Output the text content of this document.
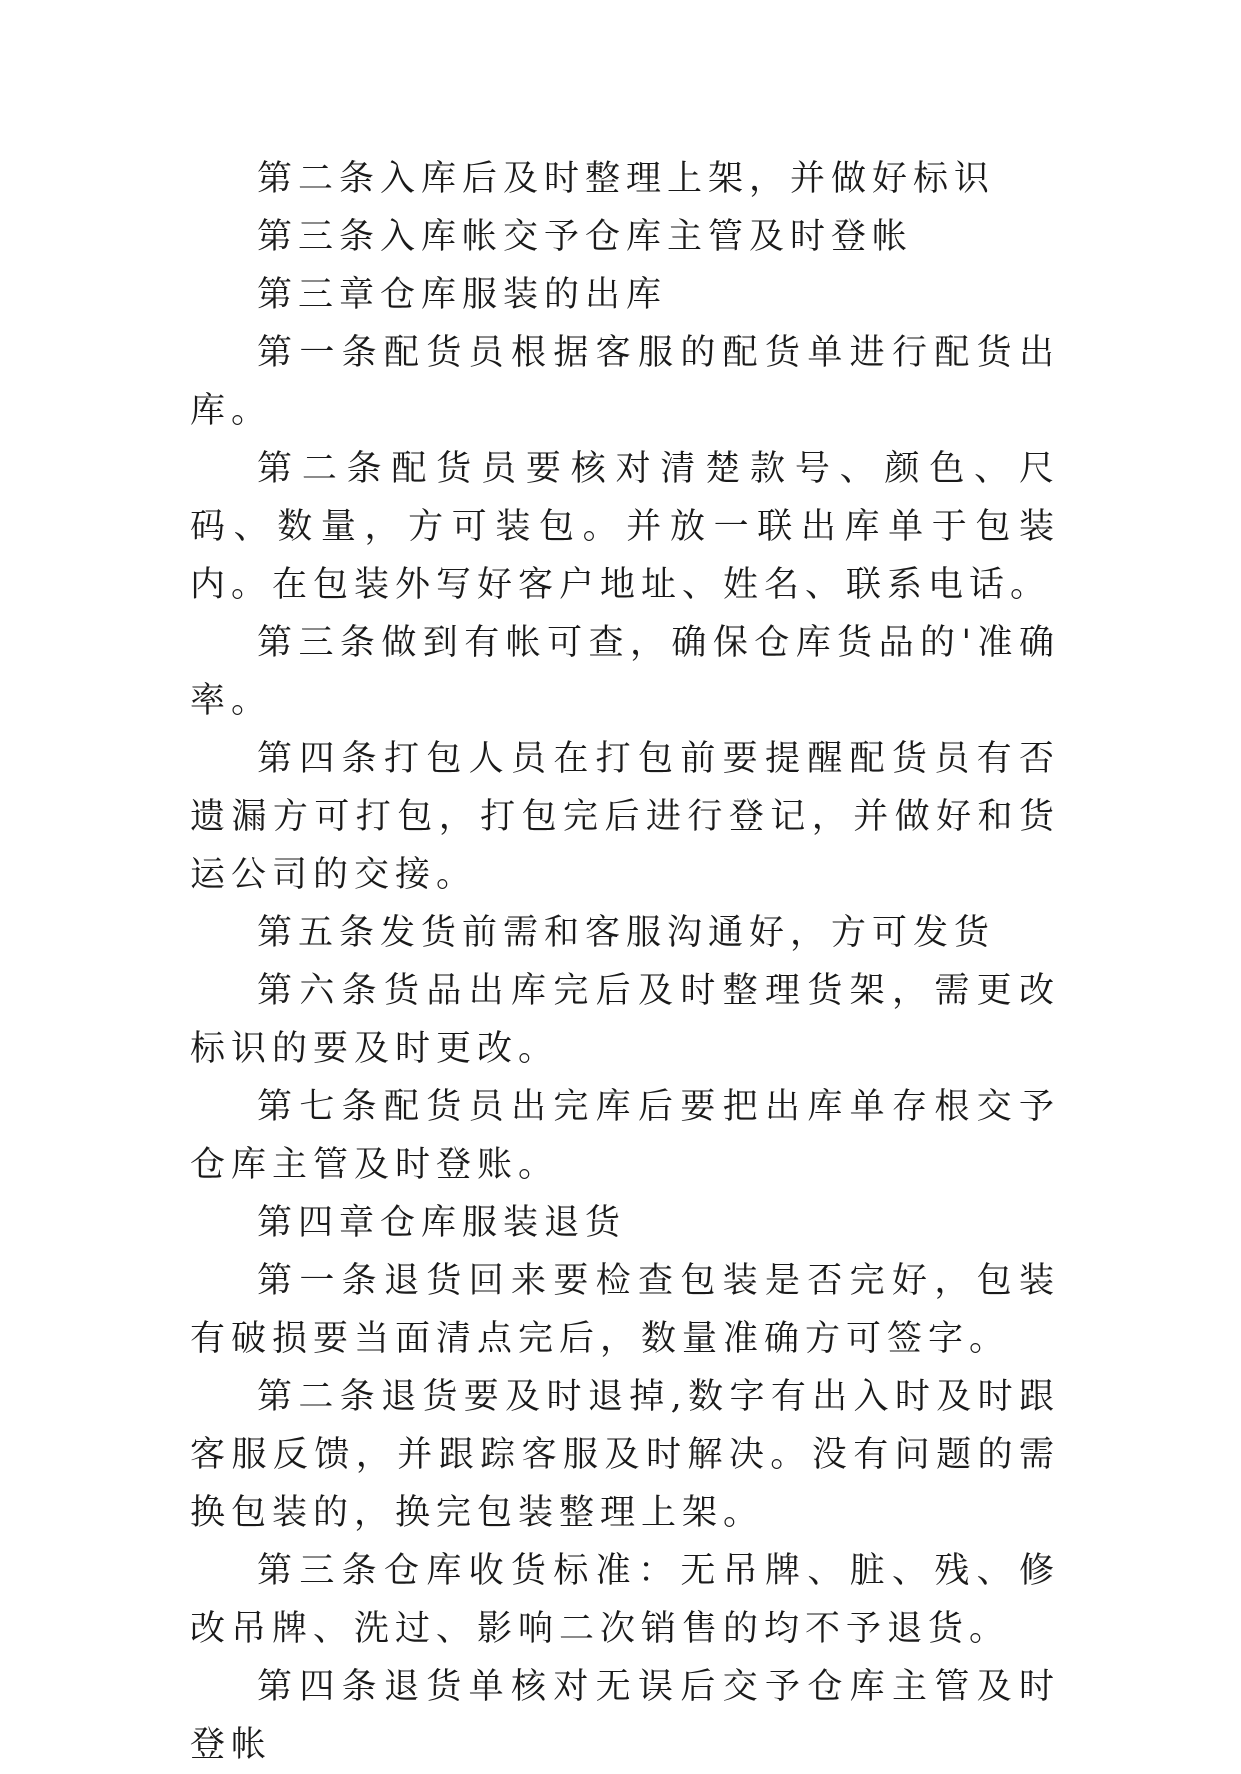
第二条入库后及时整理上架，并做好标识

第三条入库帐交予仓库主管及时登帐

第三章仓库服装的出库

第一条配货员根据客服的配货单进行配货出库。

第二条配货员要核对清楚款号、颜色、尺码、数量，方可装包。并放一联出库单于包装内。在包装外写好客户地址、姓名、联系电话。

第三条做到有帐可查，确保仓库货品的'准确率。

第四条打包人员在打包前要提醒配货员有否遗漏方可打包，打包完后进行登记，并做好和货运公司的交接。

第五条发货前需和客服沟通好，方可发货

第六条货品出库完后及时整理货架，需更改标识的要及时更改。

第七条配货员出完库后要把出库单存根交予仓库主管及时登账。

第四章仓库服装退货

第一条退货回来要检查包装是否完好，包装有破损要当面清点完后，数量准确方可签字。

第二条退货要及时退掉,数字有出入时及时跟客服反馈，并跟踪客服及时解决。没有问题的需换包装的，换完包装整理上架。

第三条仓库收货标准：无吊牌、脏、残、修改吊牌、洗过、影响二次销售的均不予退货。

第四条退货单核对无误后交予仓库主管及时登帐
